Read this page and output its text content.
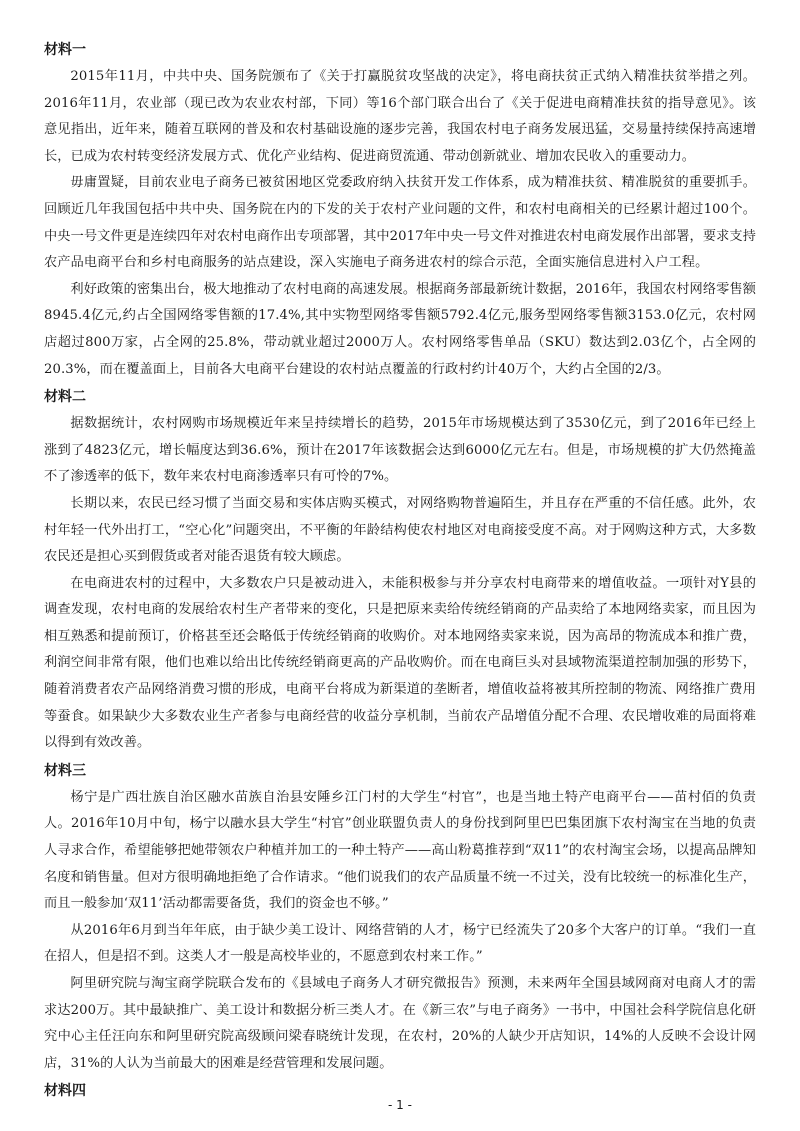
材料一

2015年11月，中共中央、国务院颁布了《关于打赢脱贫攻坚战的决定》，将电商扶贫正式纳入精准扶贫举措之列。2016年11月，农业部（现已改为农业农村部，下同）等16个部门联合出台了《关于促进电商精准扶贫的指导意见》。该意见指出，近年来，随着互联网的普及和农村基础设施的逐步完善，我国农村电子商务发展迅猛，交易量持续保持高速增长，已成为农村转变经济发展方式、优化产业结构、促进商贸流通、带动创新就业、增加农民收入的重要动力。

毋庸置疑，目前农业电子商务已被贫困地区党委政府纳入扶贫开发工作体系，成为精准扶贫、精准脱贫的重要抓手。回顾近几年我国包括中共中央、国务院在内的下发的关于农村产业问题的文件，和农村电商相关的已经累计超过100个。中央一号文件更是连续四年对农村电商作出专项部署，其中2017年中央一号文件对推进农村电商发展作出部署，要求支持农产品电商平台和乡村电商服务的站点建设，深入实施电子商务进农村的综合示范，全面实施信息进村入户工程。

利好政策的密集出台，极大地推动了农村电商的高速发展。根据商务部最新统计数据，2016年，我国农村网络零售额8945.4亿元,约占全国网络零售额的17.4%,其中实物型网络零售额5792.4亿元,服务型网络零售额3153.0亿元，农村网店超过800万家，占全网的25.8%，带动就业超过2000万人。农村网络零售单品（SKU）数达到2.03亿个，占全网的20.3%，而在覆盖面上，目前各大电商平台建设的农村站点覆盖的行政村约计40万个，大约占全国的2/3。

材料二

据数据统计，农村网购市场规模近年来呈持续增长的趋势，2015年市场规模达到了3530亿元，到了2016年已经上涨到了4823亿元，增长幅度达到36.6%，预计在2017年该数据会达到6000亿元左右。但是，市场规模的扩大仍然掩盖不了渗透率的低下，数年来农村电商渗透率只有可怜的7%。

长期以来，农民已经习惯了当面交易和实体店购买模式，对网络购物普遍陌生，并且存在严重的不信任感。此外，农村年轻一代外出打工，“空心化”问题突出，不平衡的年龄结构使农村地区对电商接受度不高。对于网购这种方式，大多数农民还是担心买到假货或者对能否退货有较大顾虑。

在电商进农村的过程中，大多数农户只是被动进入，未能积极参与并分享农村电商带来的增值收益。一项针对Y县的调查发现，农村电商的发展给农村生产者带来的变化，只是把原来卖给传统经销商的产品卖给了本地网络卖家，而且因为相互熟悉和提前预订，价格甚至还会略低于传统经销商的收购价。对本地网络卖家来说，因为高昂的物流成本和推广费，利润空间非常有限，他们也难以给出比传统经销商更高的产品收购价。而在电商巨头对县域物流渠道控制加强的形势下，随着消费者农产品网络消费习惯的形成，电商平台将成为新渠道的垄断者，增值收益将被其所控制的物流、网络推广费用等蚕食。如果缺少大多数农业生产者参与电商经营的收益分享机制，当前农产品增值分配不合理、农民增收难的局面将难以得到有效改善。

材料三

杨宁是广西壮族自治区融水苗族自治县安陲乡江门村的大学生“村官”，也是当地土特产电商平台——苗村佰的负责人。2016年10月中旬，杨宁以融水县大学生“村官”创业联盟负责人的身份找到阿里巴巴集团旗下农村淘宝在当地的负责人寻求合作，希望能够把她带领农户种植并加工的一种土特产——高山粉葛推荐到“双11”的农村淘宝会场，以提高品牌知名度和销售量。但对方很明确地拒绝了合作请求。“他们说我们的农产品质量不统一不过关，没有比较统一的标准化生产，而且一般参加‘双11’活动都需要备货，我们的资金也不够。”

从2016年6月到当年年底，由于缺少美工设计、网络营销的人才，杨宁已经流失了20多个大客户的订单。“我们一直在招人，但是招不到。这类人才一般是高校毕业的，不愿意到农村来工作。”

阿里研究院与淘宝商学院联合发布的《县域电子商务人才研究微报告》预测，未来两年全国县域网商对电商人才的需求达200万。其中最缺推广、美工设计和数据分析三类人才。在《新三农”与电子商务》一书中，中国社会科学院信息化研究中心主任汪向东和阿里研究院高级顾问梁春晓统计发现，在农村，20%的人缺少开店知识，14%的人反映不会设计网店，31%的人认为当前最大的困难是经营管理和发展问题。

材料四
- 1 -
